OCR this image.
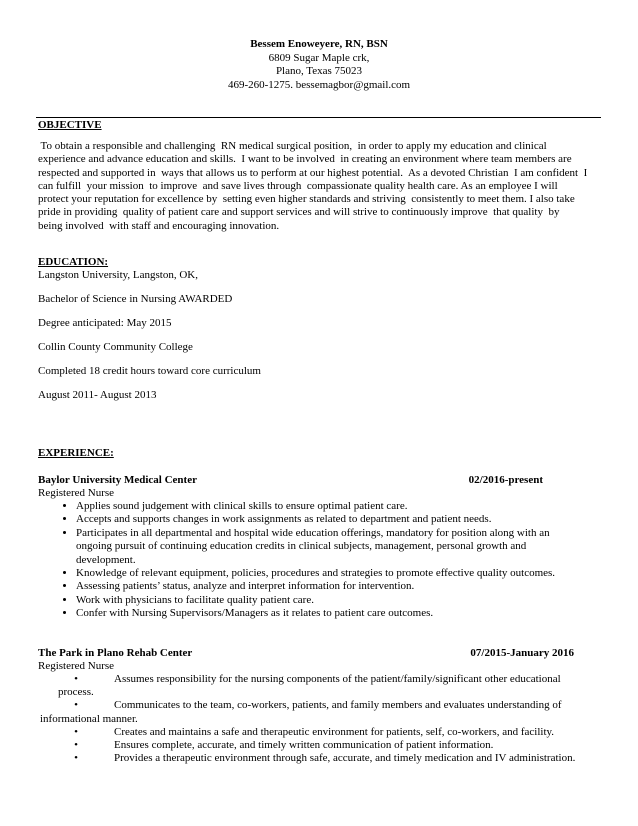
Bessem Enoweyere, RN, BSN
6809 Sugar Maple crk,
Plano, Texas 75023
469-260-1275. bessemagbor@gmail.com
OBJECTIVE
To obtain a responsible and challenging  RN medical surgical position,  in order to apply my education and clinical
experience and advance education and skills.  I want to be involved  in creating an environment where team members are
respected and supported in  ways that allows us to perform at our highest potential.  As a devoted Christian  I am confident  I
can fulfill  your mission  to improve  and save lives through  compassionate quality health care. As an employee I will
protect your reputation for excellence by  setting even higher standards and striving  consistently to meet them. I also take
pride in providing  quality of patient care and support services and will strive to continuously improve  that quality  by
being involved  with staff and encouraging innovation.
EDUCATION:

Langston University, Langston, OK,

Bachelor of Science in Nursing AWARDED

Degree anticipated: May 2015

Collin County Community College

Completed 18 credit hours toward core curriculum

August 2011- August 2013

EXPERIENCE:
Baylor University Medical Center	02/2016-present
Registered Nurse
• Applies sound judgement with clinical skills to ensure optimal patient care.
• Accepts and supports changes in work assignments as related to department and patient needs.
• Participates in all departmental and hospital wide education offerings, mandatory for position along with an ongoing pursuit of continuing education credits in clinical subjects, management, personal growth and development.
• Knowledge of relevant equipment, policies, procedures and strategies to promote effective quality outcomes.
• Assessing patients’ status, analyze and interpret information for intervention.
• Work with physicians to facilitate quality patient care.
• Confer with Nursing Supervisors/Managers as it relates to patient care outcomes.
The Park in Plano Rehab Center	07/2015-January 2016
Registered Nurse
•	Assumes responsibility for the nursing components of the patient/family/significant other educational
process.
•	Communicates to the team, co-workers, patients, and family members and evaluates understanding of
informational manner.
•	Creates and maintains a safe and therapeutic environment for patients, self, co-workers, and facility.
•	Ensures complete, accurate, and timely written communication of patient information.
•	Provides a therapeutic environment through safe, accurate, and timely medication and IV administration.
